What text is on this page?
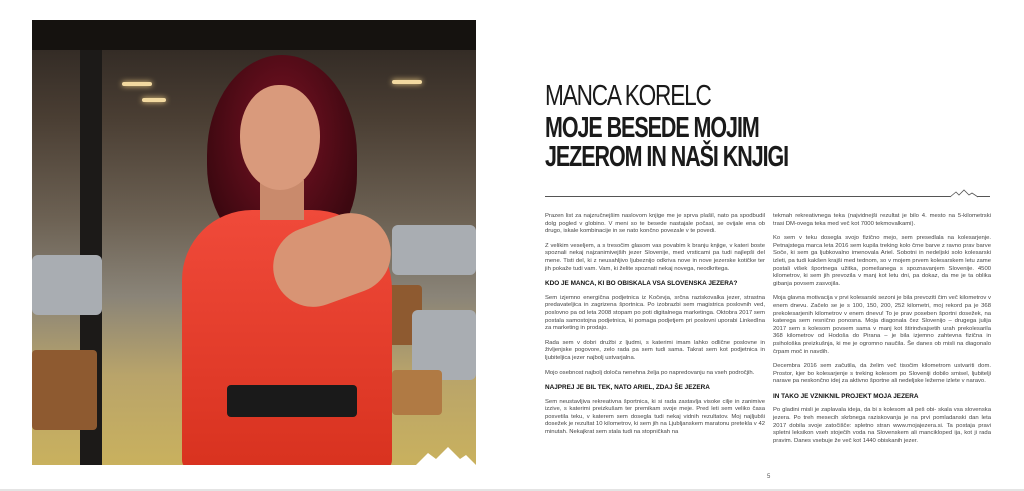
MANCA KORELC
MOJE BESEDE MOJIM
JEZEROM IN NAŠI KNJIGI

Prazen list za najzručnejšim naslovom knjige me je sprva plašil, nato pa spodbudil dolg pogled v globino. V meni so te besede nastajale počasi, se ovijale ena ob drugo, iskale kombinacije in se nato končno povezale v te povedi.

Z velikim veseljem, a s tresočim glasom vas povabim k branju knjige, v kateri boste spoznali nekaj najzanimivejših jezer Slovenije, med vrsticami pa tudi najlepši del mene. Tisti del, ki z neusahljivo ljubeznijo odkriva nove in nove jezerske kotičke ter jih pokaže tudi vam. Vam, ki želite spoznati nekaj novega, neodkritega.

KDO JE MANCA, KI BO OBISKALA VSA SLOVENSKA JEZERA?

Sem izjemno energična podjetnica iz Kočevja, srčna raziskovalka jezer, strastna predavateljica in zagrizena športnica. Po izobrazbi sem magistrica poslovnih ved, poslovno pa od leta 2008 stopam po poti digitalnega marketinga. Oktobra 2017 sem postala samostojna podjetnica, ki pomaga podjetjem pri poslovni uporabi LinkedIna za marketing in prodajo.

Rada sem v dobri družbi z ljudmi, s katerimi imam lahko odlične poslovne in življenjske pogovore, zelo rada pa sem tudi sama. Takrat sem kot podjetnica in ljubiteljica jezer najbolj ustvarjalna.

Mojo osebnost najbolj določa nenehna želja po napredovanju na vseh področjih.

NAJPREJ JE BIL TEK, NATO ARIEL, ZDAJ ŠE JEZERA

Sem neustavljiva rekreativna športnica, ki si rada zastavlja visoke cilje in zanimive izzive, s katerimi preizkušam ter premikam svoje meje. Pred leti sem veliko časa posvetila teku, v katerem sem dosegla tudi nekaj vidnih rezultatov. Moj najljubši dosežek je rezultat 10 kilometrov, ki sem jih na Ljubljanskem maratonu pretekla v 42 minutah. Nekajkrat sem stala tudi na stopničkah na

tekmah rekreativnega teka (najvidnejši rezultat je bilo 4. mesto na 5-kilometrski trasi DM-ovega teka med več kot 7000 tekmovalkami).

Ko sem v teku dosegla svojo fizično mejo, sem presedlala na kolesarjenje. Petnajstega marca leta 2016 sem kupila treking kolo črne barve z ravno prav barve Soče, ki sem ga ljubkovalno imenovala Ariel. Sobotni in nedeljski solo kolesarski izleti, pa tudi kakšen krajši med tednom, so v mojem prvem kolesarskem letu zame postali višek športnega užitka, pomešanega s spoznavanjem Slovenije. 4500 kilometrov, ki sem jih prevozila v manj kot letu dni, pa dokaz, da me je ta oblika gibanja povsem zasvojila.

Moja glavna motivacija v prvi kolesarski sezoni je bila prevoziti čim več kilometrov v enem dnevu. Začelo se je s 100, 150, 200, 252 kilometri, moj rekord pa je 368 prekolesarjenih kilometrov v enem dnevu! To je prav poseben športni dosežek, na katerega sem resnično ponosna. Moja diagonala čez Slovenijo – drugega julija 2017 sem s kolesom povsem sama v manj kot štirindvajsetih urah prekolesarila 368 kilometrov od Hodoša do Pirana – je bila izjemno zahtevna fizična in psihološka preizkušnja, ki me je ogromno naučila. Še danes ob misli na diagonalo črpam moč in navdih.

Decembra 2016 sem začutila, da želim več tisočim kilometrom ustvariti dom. Prostor, kjer bo kolesarjenje s treking kolesom po Sloveniji dobilo smisel, ljubitelji narave pa neskončno idej za aktivno športne ali nedeljske ležerne izlete v naravo.

IN TAKO JE VZNIKNIL PROJEKT MOJA JEZERA

Po gladini misli je zaplavala ideja, da bi s kolesom ali peš obi- skala vsa slovenska jezera. Po treh mesecih skrbnega raziskovanja je na prvi pomladanski dan leta 2017 dobila svoje zatočišče: spletno stran www.mojajezera.si. Ta postaja pravi spletni leksikon vseh stoječih voda na Slovenskem ali mancikloped ija, kot ji rada pravim. Danes vsebuje že več kot 1440 obiskanih jezer.

5
